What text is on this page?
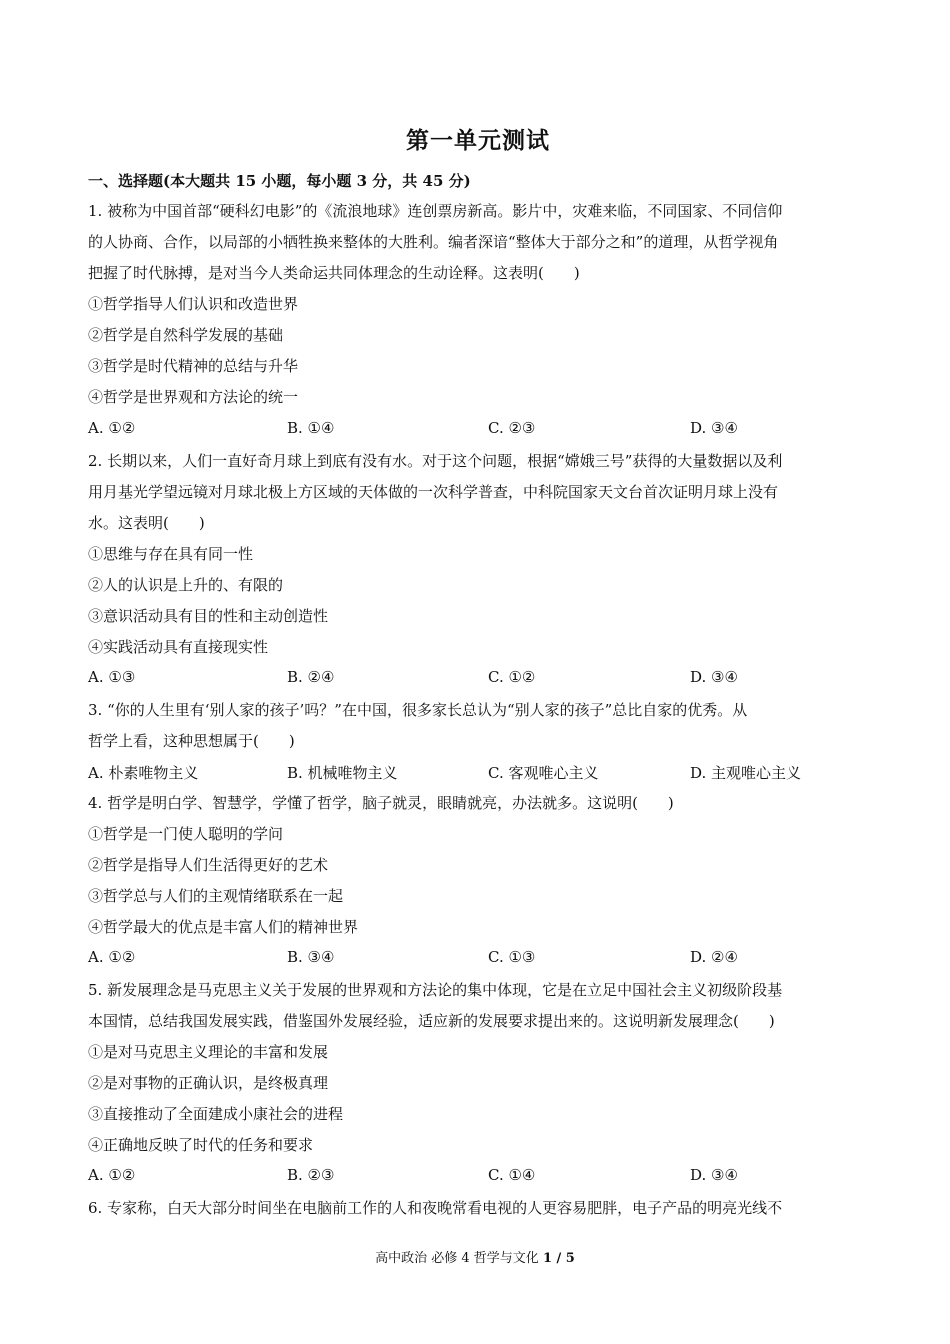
第一单元测试
一、选择题(本大题共 15 小题，每小题 3 分，共 45 分)
1. 被称为中国首部“硬科幻电影”的《流浪地球》连创票房新高。影片中，灾难来临，不同国家、不同信仰
的人协商、合作，以局部的小牺牲换来整体的大胜利。编者深谙“整体大于部分之和”的道理，从哲学视角
把握了时代脉搏，是对当今人类命运共同体理念的生动诠释。这表明(　　)
①哲学指导人们认识和改造世界
②哲学是自然科学发展的基础
③哲学是时代精神的总结与升华
④哲学是世界观和方法论的统一
A. ①②	B. ①④	C. ②③	D. ③④
2. 长期以来，人们一直好奇月球上到底有没有水。对于这个问题，根据“嫦娥三号”获得的大量数据以及利
用月基光学望远镜对月球北极上方区域的天体做的一次科学普查，中科院国家天文台首次证明月球上没有
水。这表明(　　)
①思维与存在具有同一性
②人的认识是上升的、有限的
③意识活动具有目的性和主动创造性
④实践活动具有直接现实性
A. ①③	B. ②④	C. ①②	D. ③④
3. “你的人生里有‘别人家的孩子’吗？”在中国，很多家长总认为“别人家的孩子”总比自家的优秀。从
哲学上看，这种思想属于(　　)
A. 朴素唯物主义	B. 机械唯物主义	C. 客观唯心主义	D. 主观唯心主义
4. 哲学是明白学、智慧学，学懂了哲学，脑子就灵，眼睛就亮，办法就多。这说明(　　)
①哲学是一门使人聪明的学问
②哲学是指导人们生活得更好的艺术
③哲学总与人们的主观情绪联系在一起
④哲学最大的优点是丰富人们的精神世界
A. ①②	B. ③④	C. ①③	D. ②④
5. 新发展理念是马克思主义关于发展的世界观和方法论的集中体现，它是在立足中国社会主义初级阶段基
本国情，总结我国发展实践，借鉴国外发展经验，适应新的发展要求提出来的。这说明新发展理念(　　)
①是对马克思主义理论的丰富和发展
②是对事物的正确认识，是终极真理
③直接推动了全面建成小康社会的进程
④正确地反映了时代的任务和要求
A. ①②	B. ②③	C. ①④	D. ③④
6. 专家称，白天大部分时间坐在电脑前工作的人和夜晚常看电视的人更容易肥胖，电子产品的明亮光线不
高中政治 必修 4 哲学与文化 1 / 5
